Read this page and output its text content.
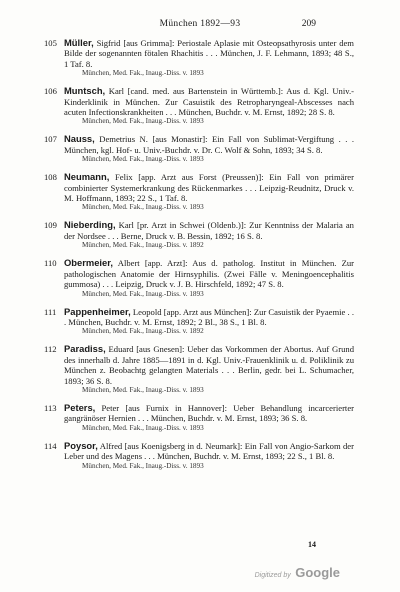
München 1892—93	209
105 Müller, Sigfrid [aus Grimma]: Periostale Aplasie mit Osteopsathyrosis unter dem Bilde der sogenannten fötalen Rhachitis . . . München, J. F. Lehmann, 1893; 48 S., 1 Taf. 8.
München, Med. Fak., Inaug.-Diss. v. 1893
106 Muntsch, Karl [cand. med. aus Bartenstein in Württemb.]: Aus d. Kgl. Univ.-Kinderklinik in München. Zur Casuistik des Retropharyngeal-Abscesses nach acuten Infectionskrankheiten . . . München, Buchdr. v. M. Ernst, 1892; 28 S. 8.
München, Med. Fak., Inaug.-Diss. v. 1893
107 Nauss, Demetrius N. [aus Monastir]: Ein Fall von Sublimat-Vergiftung . . . München, kgl. Hof- u. Univ.-Buchdr. v. Dr. C. Wolf & Sohn, 1893; 34 S. 8.
München, Med. Fak., Inaug.-Diss. v. 1893
108 Neumann, Felix [app. Arzt aus Forst (Preussen)]: Ein Fall von primärer combinierter Systemerkrankung des Rückenmarkes . . . Leipzig-Reudnitz, Druck v. M. Hoffmann, 1893; 22 S., 1 Taf. 8.
München, Med. Fak., Inaug.-Diss. v. 1893
109 Nieberding, Karl [pr. Arzt in Schwei (Oldenb.)]: Zur Kenntniss der Malaria an der Nordsee . . . Berne, Druck v. B. Bessin, 1892; 16 S. 8.
München, Med. Fak., Inaug.-Diss. v. 1892
110 Obermeier, Albert [app. Arzt]: Aus d. patholog. Institut in München. Zur pathologischen Anatomie der Hirnsyphilis. (Zwei Fälle v. Meningoencephalitis gummosa) . . . Leipzig, Druck v. J. B. Hirschfeld, 1892; 47 S. 8.
München, Med. Fak., Inaug.-Diss. v. 1893
111 Pappenheimer, Leopold [app. Arzt aus München]: Zur Casuistik der Pyaemie . . . München, Buchdr. v. M. Ernst, 1892; 2 Bl., 38 S., 1 Bl. 8.
München, Med. Fak., Inaug.-Diss. v. 1892
112 Paradiss, Eduard [aus Gnesen]: Ueber das Vorkommen der Abortus. Auf Grund des innerhalb d. Jahre 1885—1891 in d. Kgl. Univ.-Frauenklinik u. d. Poliklinik zu München z. Beobachtg gelangten Materials . . . Berlin, gedr. bei L. Schumacher, 1893; 36 S. 8.
München, Med. Fak., Inaug.-Diss. v. 1893
113 Peters, Peter [aus Furnix in Hannover]: Ueber Behandlung incarcerierter gangränöser Hernien . . . München, Buchdr. v. M. Ernst, 1893; 36 S. 8.
München, Med. Fak., Inaug.-Diss. v. 1893
114 Poysor, Alfred [aus Koenigsberg in d. Neumark]: Ein Fall von Angio-Sarkom der Leber und des Magens . . . München, Buchdr. v. M. Ernst, 1893; 22 S., 1 Bl. 8.
München, Med. Fak., Inaug.-Diss. v. 1893
14
Digitized by Google
